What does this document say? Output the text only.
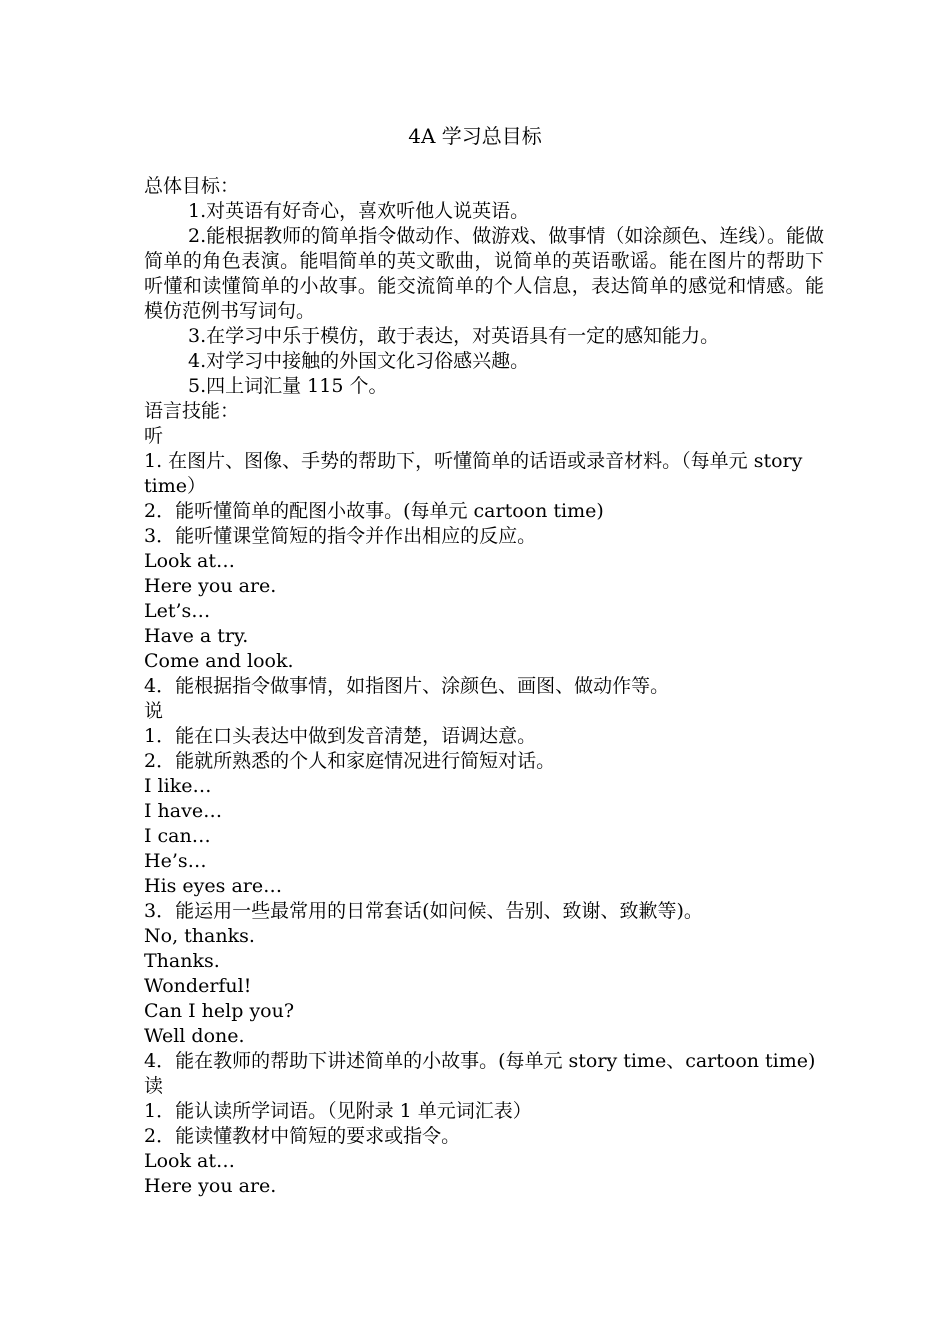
4A 学习总目标
总体目标：
1.对英语有好奇心，喜欢听他人说英语。
2.能根据教师的简单指令做动作、做游戏、做事情（如涂颜色、连线）。能做简单的角色表演。能唱简单的英文歌曲，说简单的英语歌谣。能在图片的帮助下听懂和读懂简单的小故事。能交流简单的个人信息，表达简单的感觉和情感。能模仿范例书写词句。
3.在学习中乐于模仿，敢于表达，对英语具有一定的感知能力。
4.对学习中接触的外国文化习俗感兴趣。
5.四上词汇量 115 个。
语言技能：
听
1. 在图片、图像、手势的帮助下，听懂简单的话语或录音材料。（每单元 story time）
2．能听懂简单的配图小故事。(每单元 cartoon time)
3．能听懂课堂简短的指令并作出相应的反应。
Look at…
Here you are.
Let’s…
Have a try.
Come and look.
4．能根据指令做事情，如指图片、涂颜色、画图、做动作等。
说
1．能在口头表达中做到发音清楚，语调达意。
2．能就所熟悉的个人和家庭情况进行简短对话。
I like…
I have…
I can…
He’s…
His eyes are…
3．能运用一些最常用的日常套话(如问候、告别、致谢、致歉等)。
No, thanks.
Thanks.
Wonderful!
Can I help you?
Well done.
4．能在教师的帮助下讲述简单的小故事。(每单元 story time、cartoon time)
读
1．能认读所学词语。（见附录 1 单元词汇表）
2．能读懂教材中简短的要求或指令。
Look at…
Here you are.
